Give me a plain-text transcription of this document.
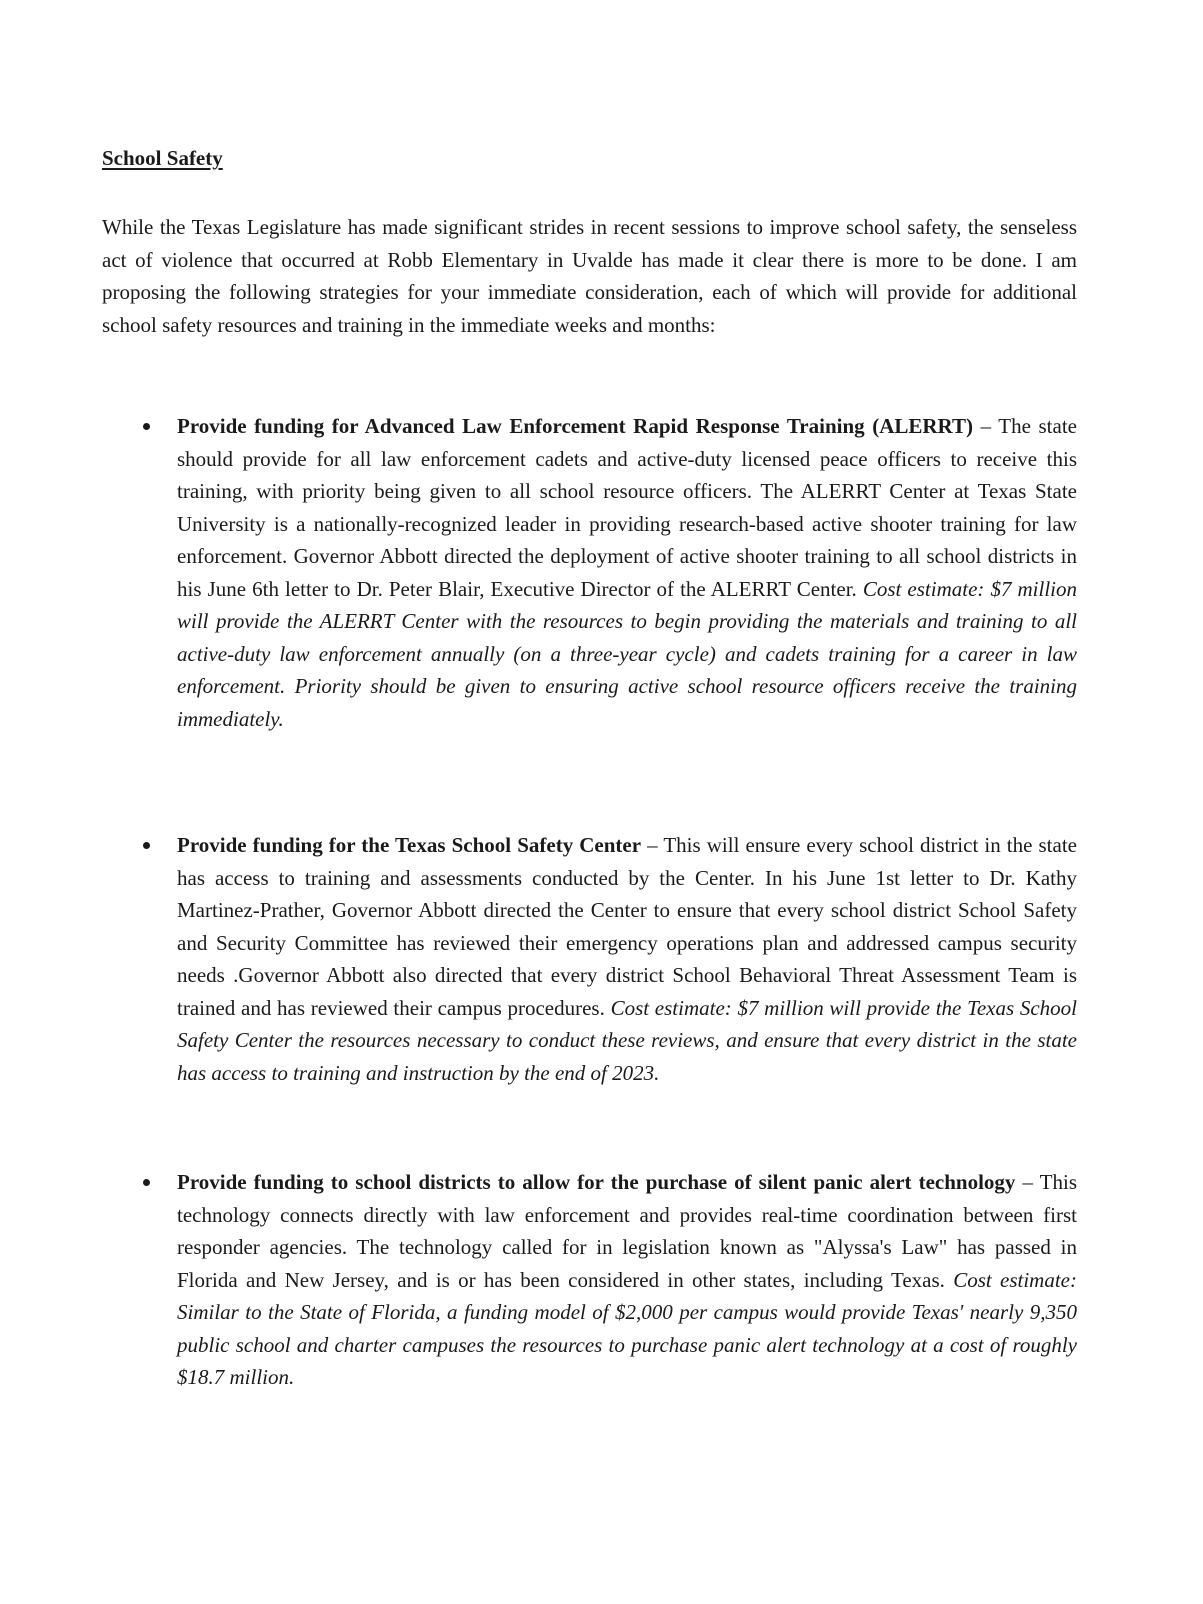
School Safety

While the Texas Legislature has made significant strides in recent sessions to improve school safety, the senseless act of violence that occurred at Robb Elementary in Uvalde has made it clear there is more to be done. I am proposing the following strategies for your immediate consideration, each of which will provide for additional school safety resources and training in the immediate weeks and months:

Provide funding for Advanced Law Enforcement Rapid Response Training (ALERRT) – The state should provide for all law enforcement cadets and active-duty licensed peace officers to receive this training, with priority being given to all school resource officers. The ALERRT Center at Texas State University is a nationally-recognized leader in providing research-based active shooter training for law enforcement. Governor Abbott directed the deployment of active shooter training to all school districts in his June 6th letter to Dr. Peter Blair, Executive Director of the ALERRT Center. Cost estimate: $7 million will provide the ALERRT Center with the resources to begin providing the materials and training to all active-duty law enforcement annually (on a three-year cycle) and cadets training for a career in law enforcement. Priority should be given to ensuring active school resource officers receive the training immediately.
Provide funding for the Texas School Safety Center – This will ensure every school district in the state has access to training and assessments conducted by the Center. In his June 1st letter to Dr. Kathy Martinez-Prather, Governor Abbott directed the Center to ensure that every school district School Safety and Security Committee has reviewed their emergency operations plan and addressed campus security needs .Governor Abbott also directed that every district School Behavioral Threat Assessment Team is trained and has reviewed their campus procedures. Cost estimate: $7 million will provide the Texas School Safety Center the resources necessary to conduct these reviews, and ensure that every district in the state has access to training and instruction by the end of 2023.
Provide funding to school districts to allow for the purchase of silent panic alert technology – This technology connects directly with law enforcement and provides real-time coordination between first responder agencies. The technology called for in legislation known as "Alyssa's Law" has passed in Florida and New Jersey, and is or has been considered in other states, including Texas. Cost estimate: Similar to the State of Florida, a funding model of $2,000 per campus would provide Texas' nearly 9,350 public school and charter campuses the resources to purchase panic alert technology at a cost of roughly $18.7 million.
